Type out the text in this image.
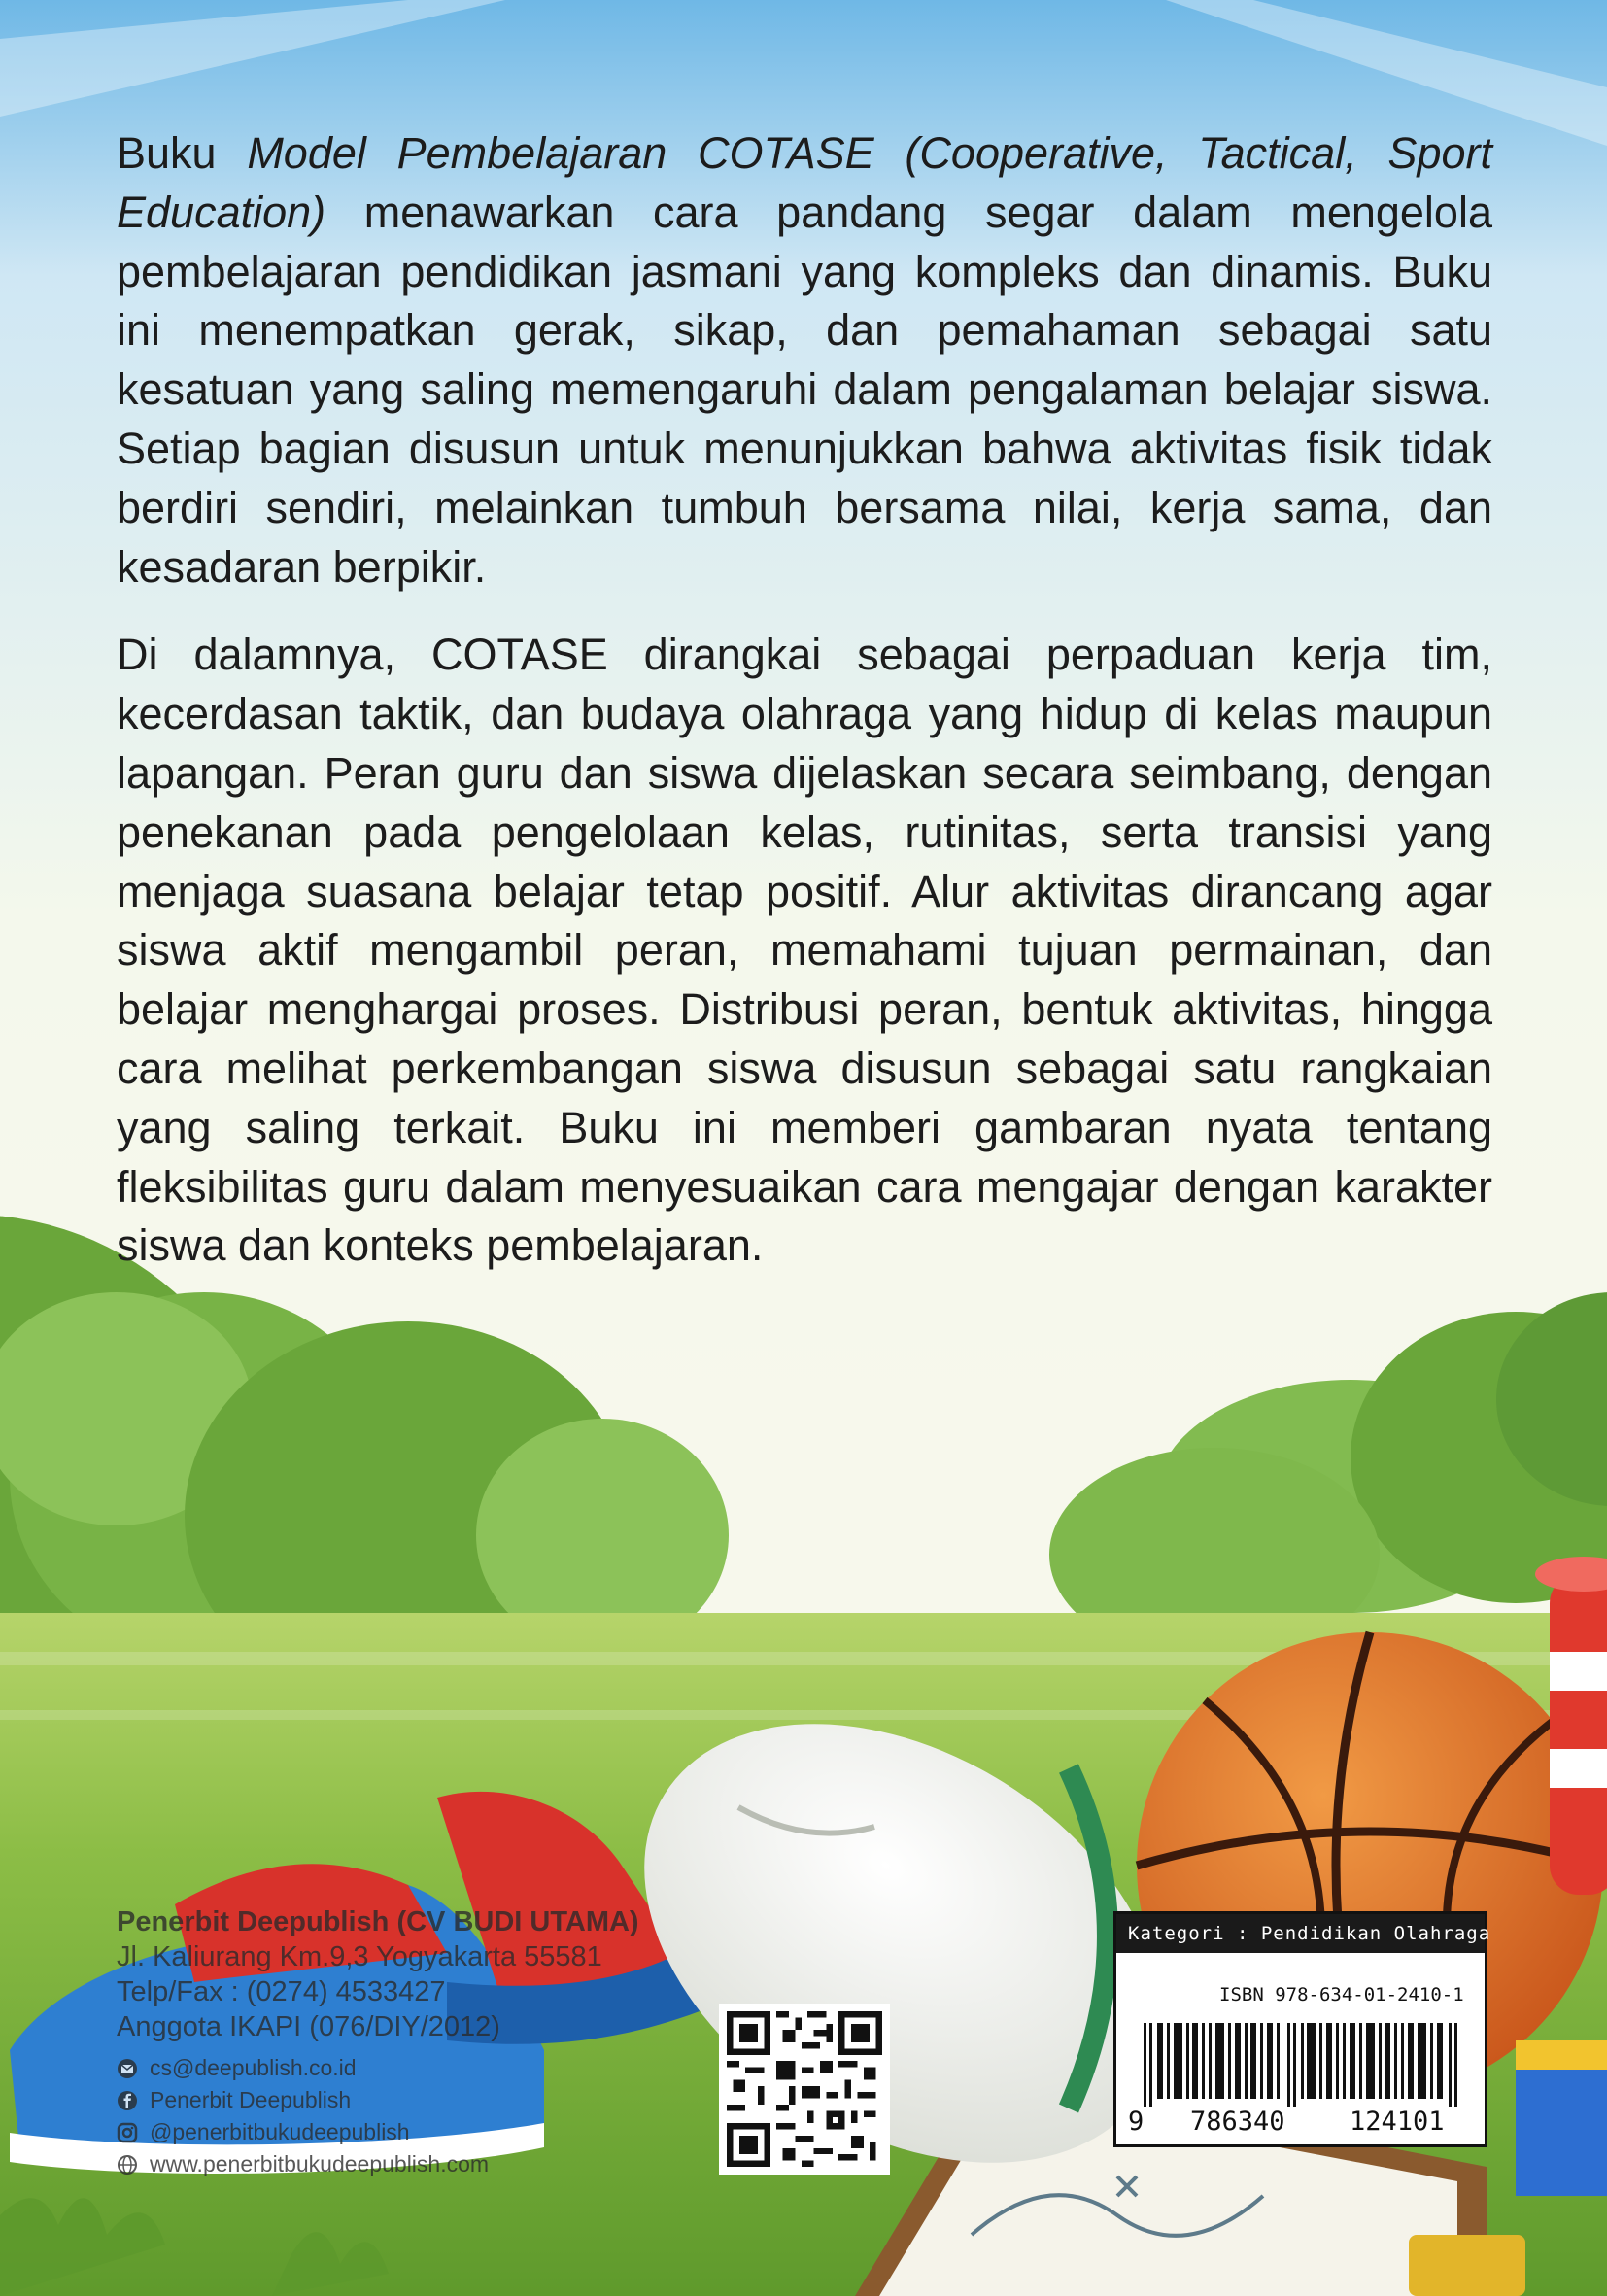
Buku Model Pembelajaran COTASE (Cooperative, Tactical, Sport Education) menawarkan cara pandang segar dalam mengelola pembelajaran pendidikan jasmani yang kompleks dan dinamis. Buku ini menempatkan gerak, sikap, dan pemahaman sebagai satu kesatuan yang saling memengaruhi dalam pengalaman belajar siswa. Setiap bagian disusun untuk menunjukkan bahwa aktivitas fisik tidak berdiri sendiri, melainkan tumbuh bersama nilai, kerja sama, dan kesadaran berpikir.

Di dalamnya, COTASE dirangkai sebagai perpaduan kerja tim, kecerdasan taktik, dan budaya olahraga yang hidup di kelas maupun lapangan. Peran guru dan siswa dijelaskan secara seimbang, dengan penekanan pada pengelolaan kelas, rutinitas, serta transisi yang menjaga suasana belajar tetap positif. Alur aktivitas dirancang agar siswa aktif mengambil peran, memahami tujuan permainan, dan belajar menghargai proses. Distribusi peran, bentuk aktivitas, hingga cara melihat perkembangan siswa disusun sebagai satu rangkaian yang saling terkait. Buku ini memberi gambaran nyata tentang fleksibilitas guru dalam menyesuaikan cara mengajar dengan karakter siswa dan konteks pembelajaran.

Penerbit Deepublish (CV BUDI UTAMA)
Jl. Kaliurang Km.9,3 Yogyakarta 55581
Telp/Fax : (0274) 4533427
Anggota IKAPI (076/DIY/2012)
cs@deepublish.co.id
Penerbit Deepublish
@penerbitbukudeepublish
www.penerbitbukudeepublish.com
Kategori : Pendidikan Olahraga
ISBN 978-634-01-2410-1
9 786340 124101
